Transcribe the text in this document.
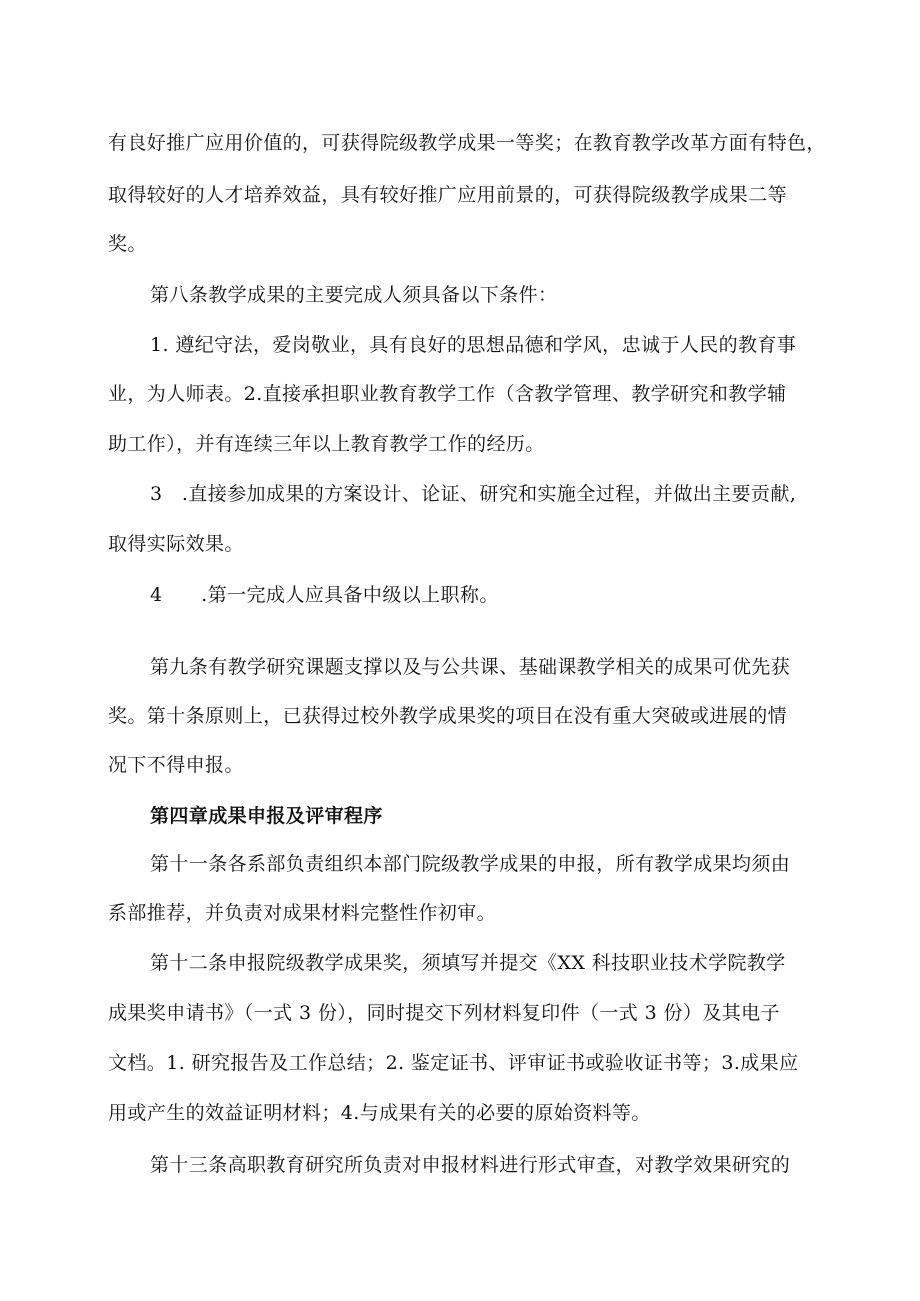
有良好推广应用价值的，可获得院级教学成果一等奖；在教育教学改革方面有特色，
取得较好的人才培养效益，具有较好推广应用前景的，可获得院级教学成果二等
奖。
第八条教学成果的主要完成人须具备以下条件：
1. 遵纪守法，爱岗敬业，具有良好的思想品德和学风，忠诚于人民的教育事
业，为人师表。2.直接承担职业教育教学工作（含教学管理、教学研究和教学辅
助工作），并有连续三年以上教育教学工作的经历。
3　.直接参加成果的方案设计、论证、研究和实施全过程，并做出主要贡献,
取得实际效果。
4　　.第一完成人应具备中级以上职称。
第九条有教学研究课题支撑以及与公共课、基础课教学相关的成果可优先获
奖。第十条原则上，已获得过校外教学成果奖的项目在没有重大突破或进展的情
况下不得申报。
第四章成果申报及评审程序
第十一条各系部负责组织本部门院级教学成果的申报，所有教学成果均须由
系部推荐，并负责对成果材料完整性作初审。
第十二条申报院级教学成果奖，须填写并提交《XX 科技职业技术学院教学
成果奖申请书》（一式 3 份），同时提交下列材料复印件（一式 3 份）及其电子
文档。1. 研究报告及工作总结；2. 鉴定证书、评审证书或验收证书等；3.成果应
用或产生的效益证明材料；4.与成果有关的必要的原始资料等。
第十三条高职教育研究所负责对申报材料进行形式审查，对教学效果研究的
